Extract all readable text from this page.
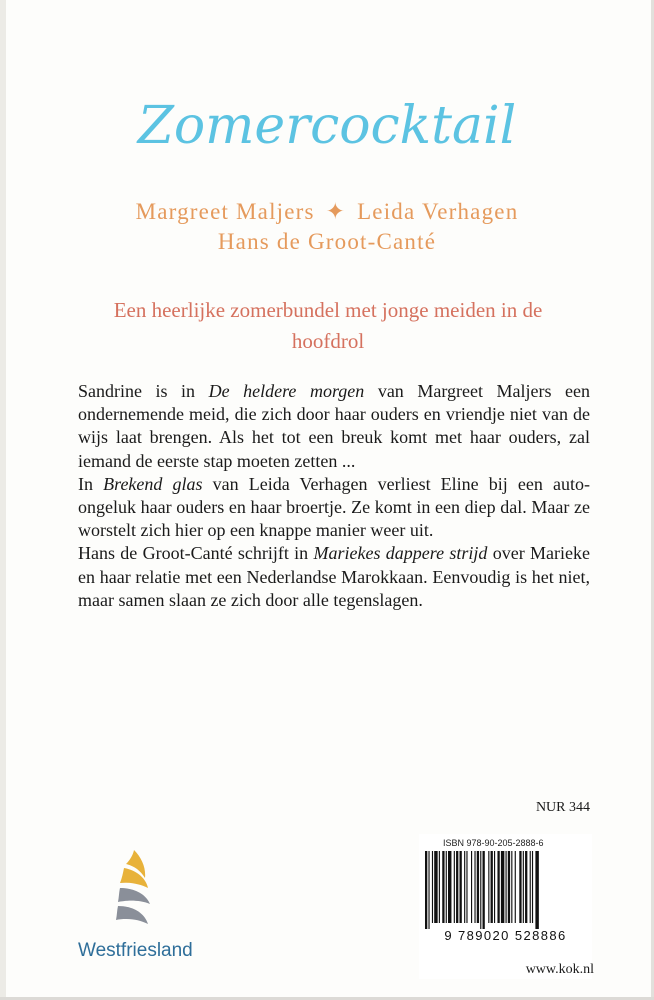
Zomercocktail
Margreet Maljers ✦ Leida Verhagen
Hans de Groot-Canté
Een heerlijke zomerbundel met jonge meiden in de hoofdrol

Sandrine is in De heldere morgen van Margreet Maljers een ondernemende meid, die zich door haar ouders en vriendje niet van de wijs laat brengen. Als het tot een breuk komt met haar ouders, zal iemand de eerste stap moeten zetten ...

In Brekend glas van Leida Verhagen verliest Eline bij een auto-ongeluk haar ouders en haar broertje. Ze komt in een diep dal. Maar ze worstelt zich hier op een knappe manier weer uit.

Hans de Groot-Canté schrijft in Mariekes dappere strijd over Marieke en haar relatie met een Nederlandse Marokkaan. Eenvoudig is het niet, maar samen slaan ze zich door alle tegenslagen.

NUR 344
Westfriesland
ISBN 978-90-205-2888-6
9 789020 528886
www.kok.nl
